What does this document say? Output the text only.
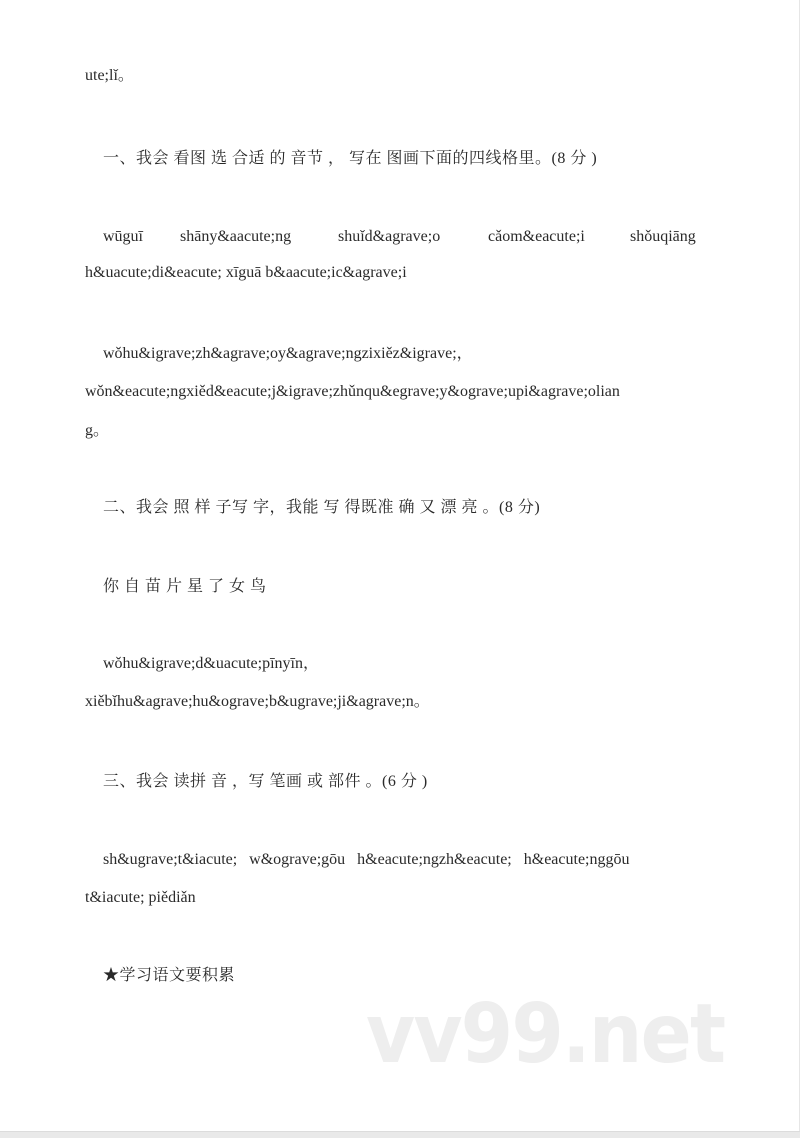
ute;lǐ。
一、我会 看图 选 合适 的 音节 ， 写在 图画下面的四线格里。(8 分 )
wūguī shāny&aacute;ng	shuǐd&agrave;o	cǎom&eacute;i	shǒuqiāng
h&uacute;di&eacute; xīguā b&aacute;ic&agrave;i
wǒhu&igrave;zh&agrave;oy&agrave;ngzixiěz&igrave;，
wǒn&eacute;ngxiěd&eacute;j&igrave;zhǔnqu&egrave;y&ograve;upi&agrave;olian
g。
二、我会 照 样 子写 字，我能 写 得既准 确 又 漂 亮 。(8 分)
你 自 苗 片 星 了 女 鸟
wǒhu&igrave;d&uacute;pīnyīn，
xiěbǐhu&agrave;hu&ograve;b&ugrave;ji&agrave;n。
三、我会 读拼 音 ，写 笔画 或 部件 。(6 分 )
sh&ugrave;t&iacute;   w&ograve;gōu   h&eacute;ngzh&eacute;   h&eacute;nggōu
t&iacute; piědiǎn
★学习语文要积累
vv99.net
